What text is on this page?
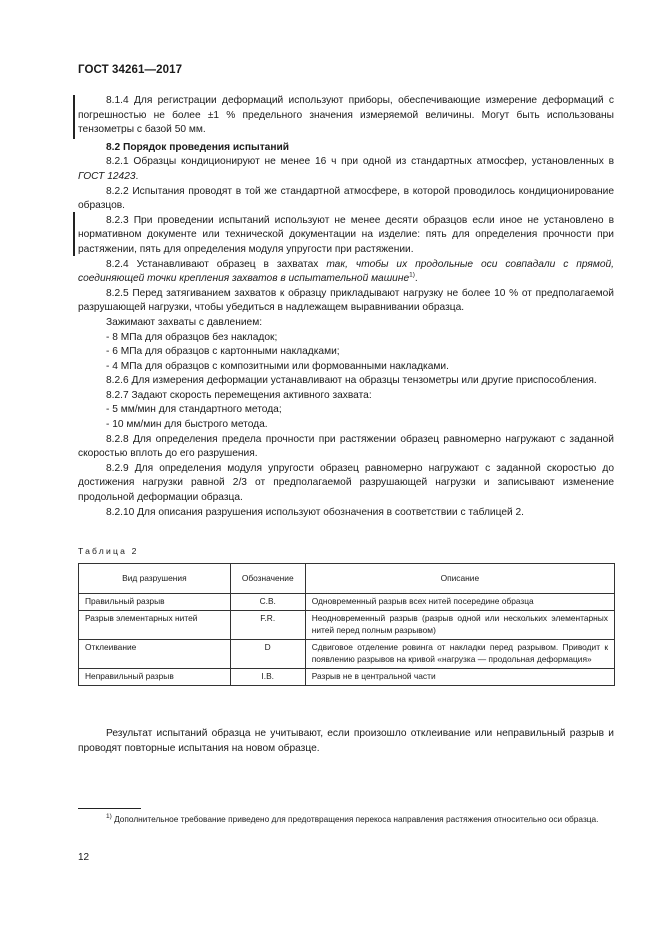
ГОСТ 34261—2017
8.1.4 Для регистрации деформаций используют приборы, обеспечивающие измерение деформаций с погрешностью не более ±1 % предельного значения измеряемой величины. Могут быть использованы тензометры с базой 50 мм.
8.2 Порядок проведения испытаний
8.2.1 Образцы кондиционируют не менее 16 ч при одной из стандартных атмосфер, установленных в ГОСТ 12423.
8.2.2 Испытания проводят в той же стандартной атмосфере, в которой проводилось кондиционирование образцов.
8.2.3 При проведении испытаний используют не менее десяти образцов если иное не установлено в нормативном документе или технической документации на изделие: пять для определения прочности при растяжении, пять для определения модуля упругости при растяжении.
8.2.4 Устанавливают образец в захватах так, чтобы их продольные оси совпадали с прямой, соединяющей точки крепления захватов в испытательной машине$^{1)}$.
8.2.5 Перед затягиванием захватов к образцу прикладывают нагрузку не более 10 % от предполагаемой разрушающей нагрузки, чтобы убедиться в надлежащем выравнивании образца.
Зажимают захваты с давлением:
- 8 МПа для образцов без накладок;
- 6 МПа для образцов с картонными накладками;
- 4 МПа для образцов с композитными или формованными накладками.
8.2.6 Для измерения деформации устанавливают на образцы тензометры или другие приспособления.
8.2.7 Задают скорость перемещения активного захвата:
- 5 мм/мин для стандартного метода;
- 10 мм/мин для быстрого метода.
8.2.8 Для определения предела прочности при растяжении образец равномерно нагружают с заданной скоростью вплоть до его разрушения.
8.2.9 Для определения модуля упругости образец равномерно нагружают с заданной скоростью до достижения нагрузки равной 2/3 от предполагаемой разрушающей нагрузки и записывают изменение продольной деформации образца.
8.2.10 Для описания разрушения используют обозначения в соответствии с таблицей 2.
Таблица 2
Вид разрушения	Обозначение	Описание
Правильный разрыв	C.B.	Одновременный разрыв всех нитей посередине образца
Разрыв элементарных нитей	F.R.	Неодновременный разрыв (разрыв одной или нескольких элементарных нитей перед полным разрывом)
Отклеивание	D	Сдвиговое отделение ровинга от накладки перед разрывом. Приводит к появлению разрывов на кривой «нагрузка — продольная деформация»
Неправильный разрыв	I.B.	Разрыв не в центральной части
Результат испытаний образца не учитывают, если произошло отклеивание или неправильный разрыв и проводят повторные испытания на новом образце.
$^{1)}$ Дополнительное требование приведено для предотвращения перекоса направления растяжения относительно оси образца.
12
